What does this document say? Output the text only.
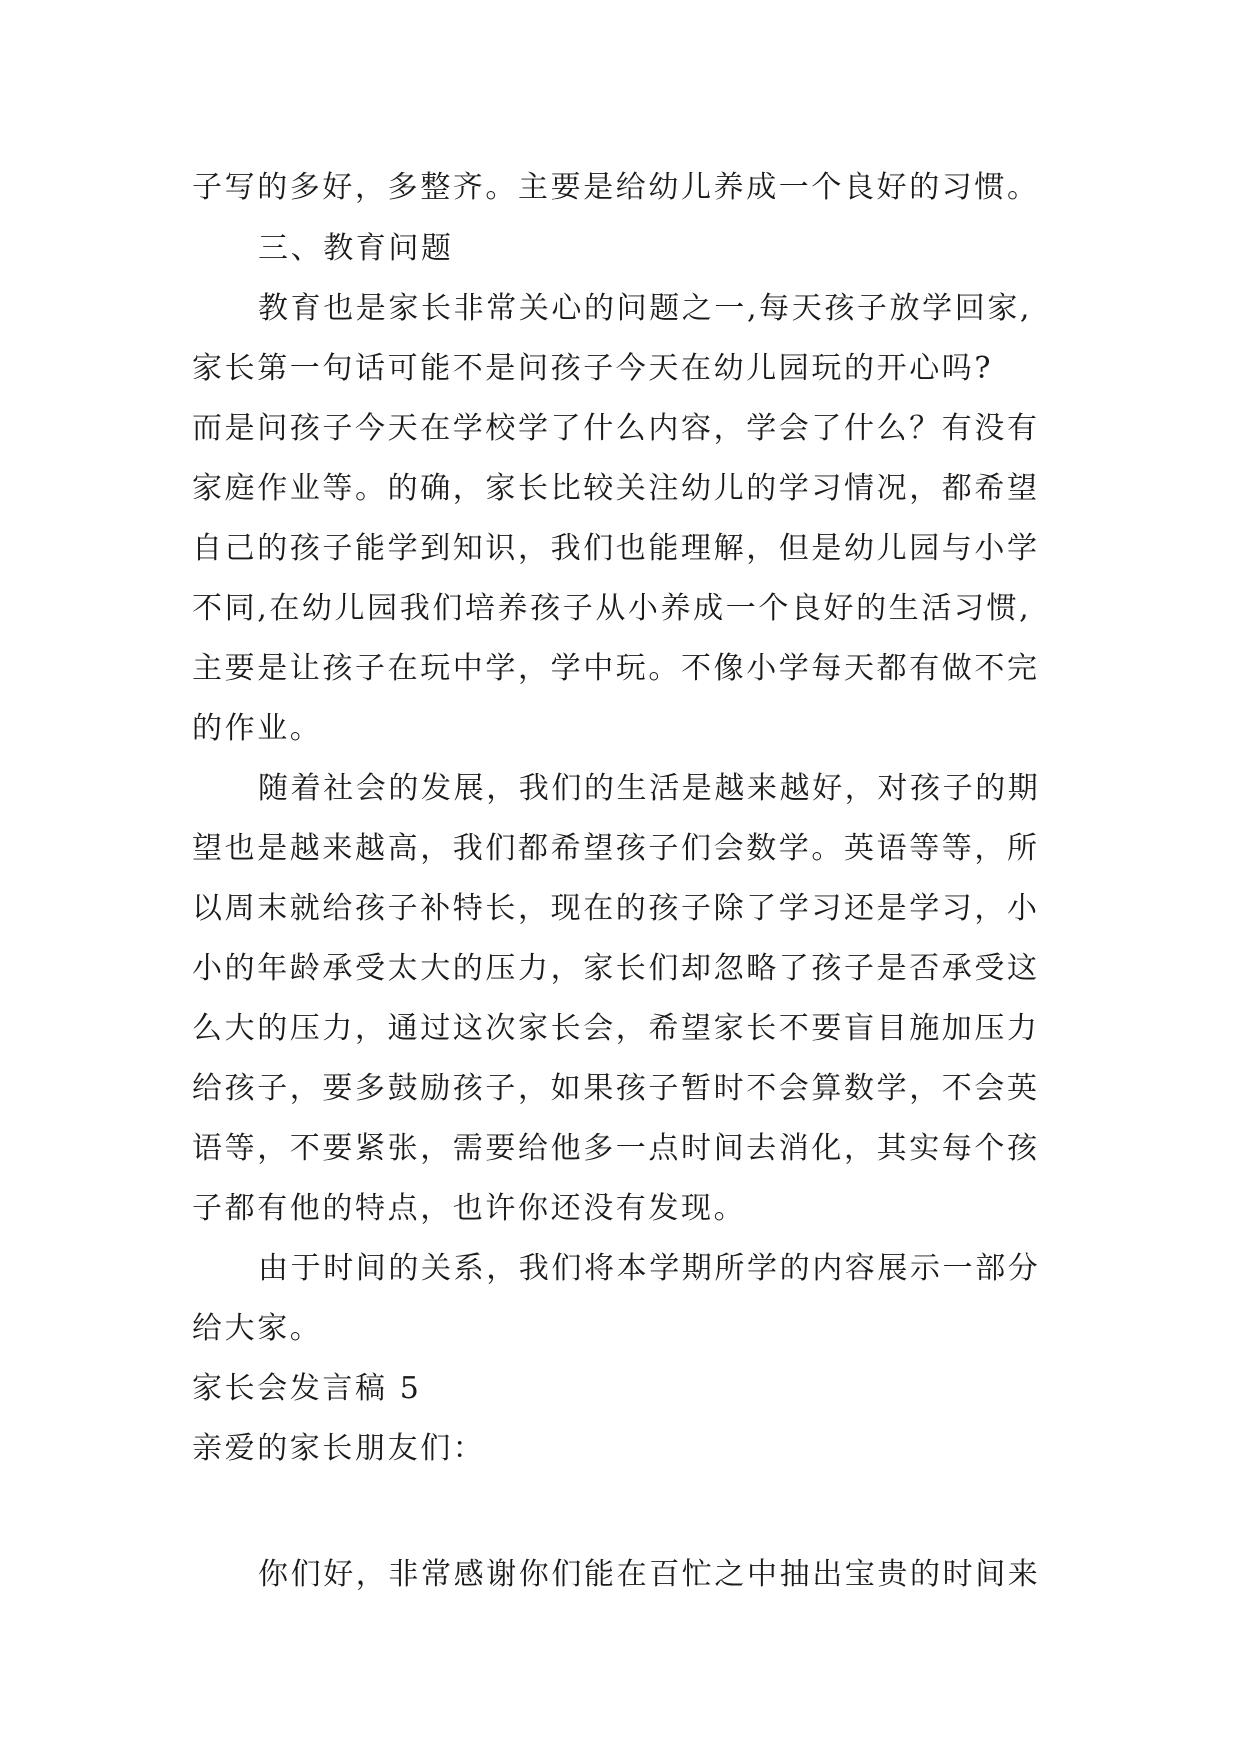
子写的多好，多整齐。主要是给幼儿养成一个良好的习惯。
三、教育问题
教育也是家长非常关心的问题之一,每天孩子放学回家,
家长第一句话可能不是问孩子今天在幼儿园玩的开心吗?
而是问孩子今天在学校学了什么内容，学会了什么？有没有
家庭作业等。的确，家长比较关注幼儿的学习情况，都希望
自己的孩子能学到知识，我们也能理解，但是幼儿园与小学
不同,在幼儿园我们培养孩子从小养成一个良好的生活习惯,
主要是让孩子在玩中学，学中玩。不像小学每天都有做不完
的作业。
随着社会的发展，我们的生活是越来越好，对孩子的期
望也是越来越高，我们都希望孩子们会数学。英语等等，所
以周末就给孩子补特长，现在的孩子除了学习还是学习，小
小的年龄承受太大的压力，家长们却忽略了孩子是否承受这
么大的压力，通过这次家长会，希望家长不要盲目施加压力
给孩子，要多鼓励孩子，如果孩子暂时不会算数学，不会英
语等，不要紧张，需要给他多一点时间去消化，其实每个孩
子都有他的特点，也许你还没有发现。
由于时间的关系，我们将本学期所学的内容展示一部分
给大家。
家长会发言稿 5
亲爱的家长朋友们：
你们好，非常感谢你们能在百忙之中抽出宝贵的时间来
